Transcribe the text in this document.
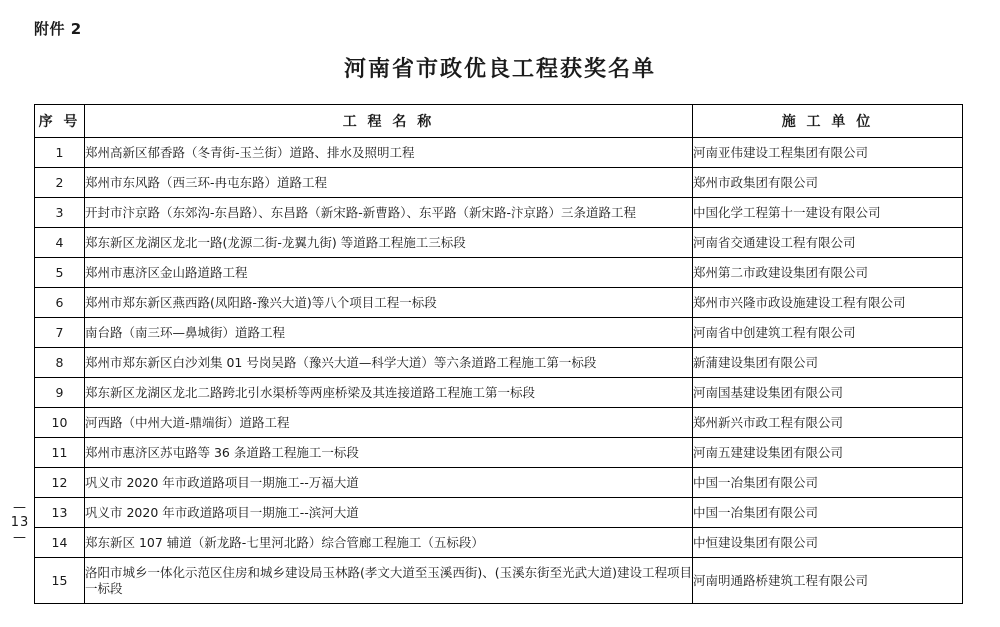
附件 2
河南省市政优良工程获奖名单
— 13 —
序 号	工 程 名 称	施 工 单 位
1	郑州高新区郁香路（冬青街-玉兰街）道路、排水及照明工程	河南亚伟建设工程集团有限公司
2	郑州市东风路（西三环-冉屯东路）道路工程	郑州市政集团有限公司
3	开封市汴京路（东郊沟-东昌路）、东昌路（新宋路-新曹路）、东平路（新宋路-汴京路）三条道路工程	中国化学工程第十一建设有限公司
4	郑东新区龙湖区龙北一路(龙源二街-龙翼九街) 等道路工程施工三标段	河南省交通建设工程有限公司
5	郑州市惠济区金山路道路工程	郑州第二市政建设集团有限公司
6	郑州市郑东新区燕西路(凤阳路-豫兴大道)等八个项目工程一标段	郑州市兴隆市政设施建设工程有限公司
7	南台路（南三环—鼻城街）道路工程	河南省中创建筑工程有限公司
8	郑州市郑东新区白沙刘集 01 号岗吴路（豫兴大道—科学大道）等六条道路工程施工第一标段	新蒲建设集团有限公司
9	郑东新区龙湖区龙北二路跨北引水渠桥等两座桥梁及其连接道路工程施工第一标段	河南国基建设集团有限公司
10	河西路（中州大道-鼎端街）道路工程	郑州新兴市政工程有限公司
11	郑州市惠济区苏屯路等 36 条道路工程施工一标段	河南五建建设集团有限公司
12	巩义市 2020 年市政道路项目一期施工--万福大道	中国一冶集团有限公司
13	巩义市 2020 年市政道路项目一期施工--滨河大道	中国一冶集团有限公司
14	郑东新区 107 辅道（新龙路-七里河北路）综合管廊工程施工（五标段）	中恒建设集团有限公司
15	洛阳市城乡一体化示范区住房和城乡建设局玉林路(孝文大道至玉溪西街)、(玉溪东街至光武大道)建设工程项目一标段	河南明通路桥建筑工程有限公司
